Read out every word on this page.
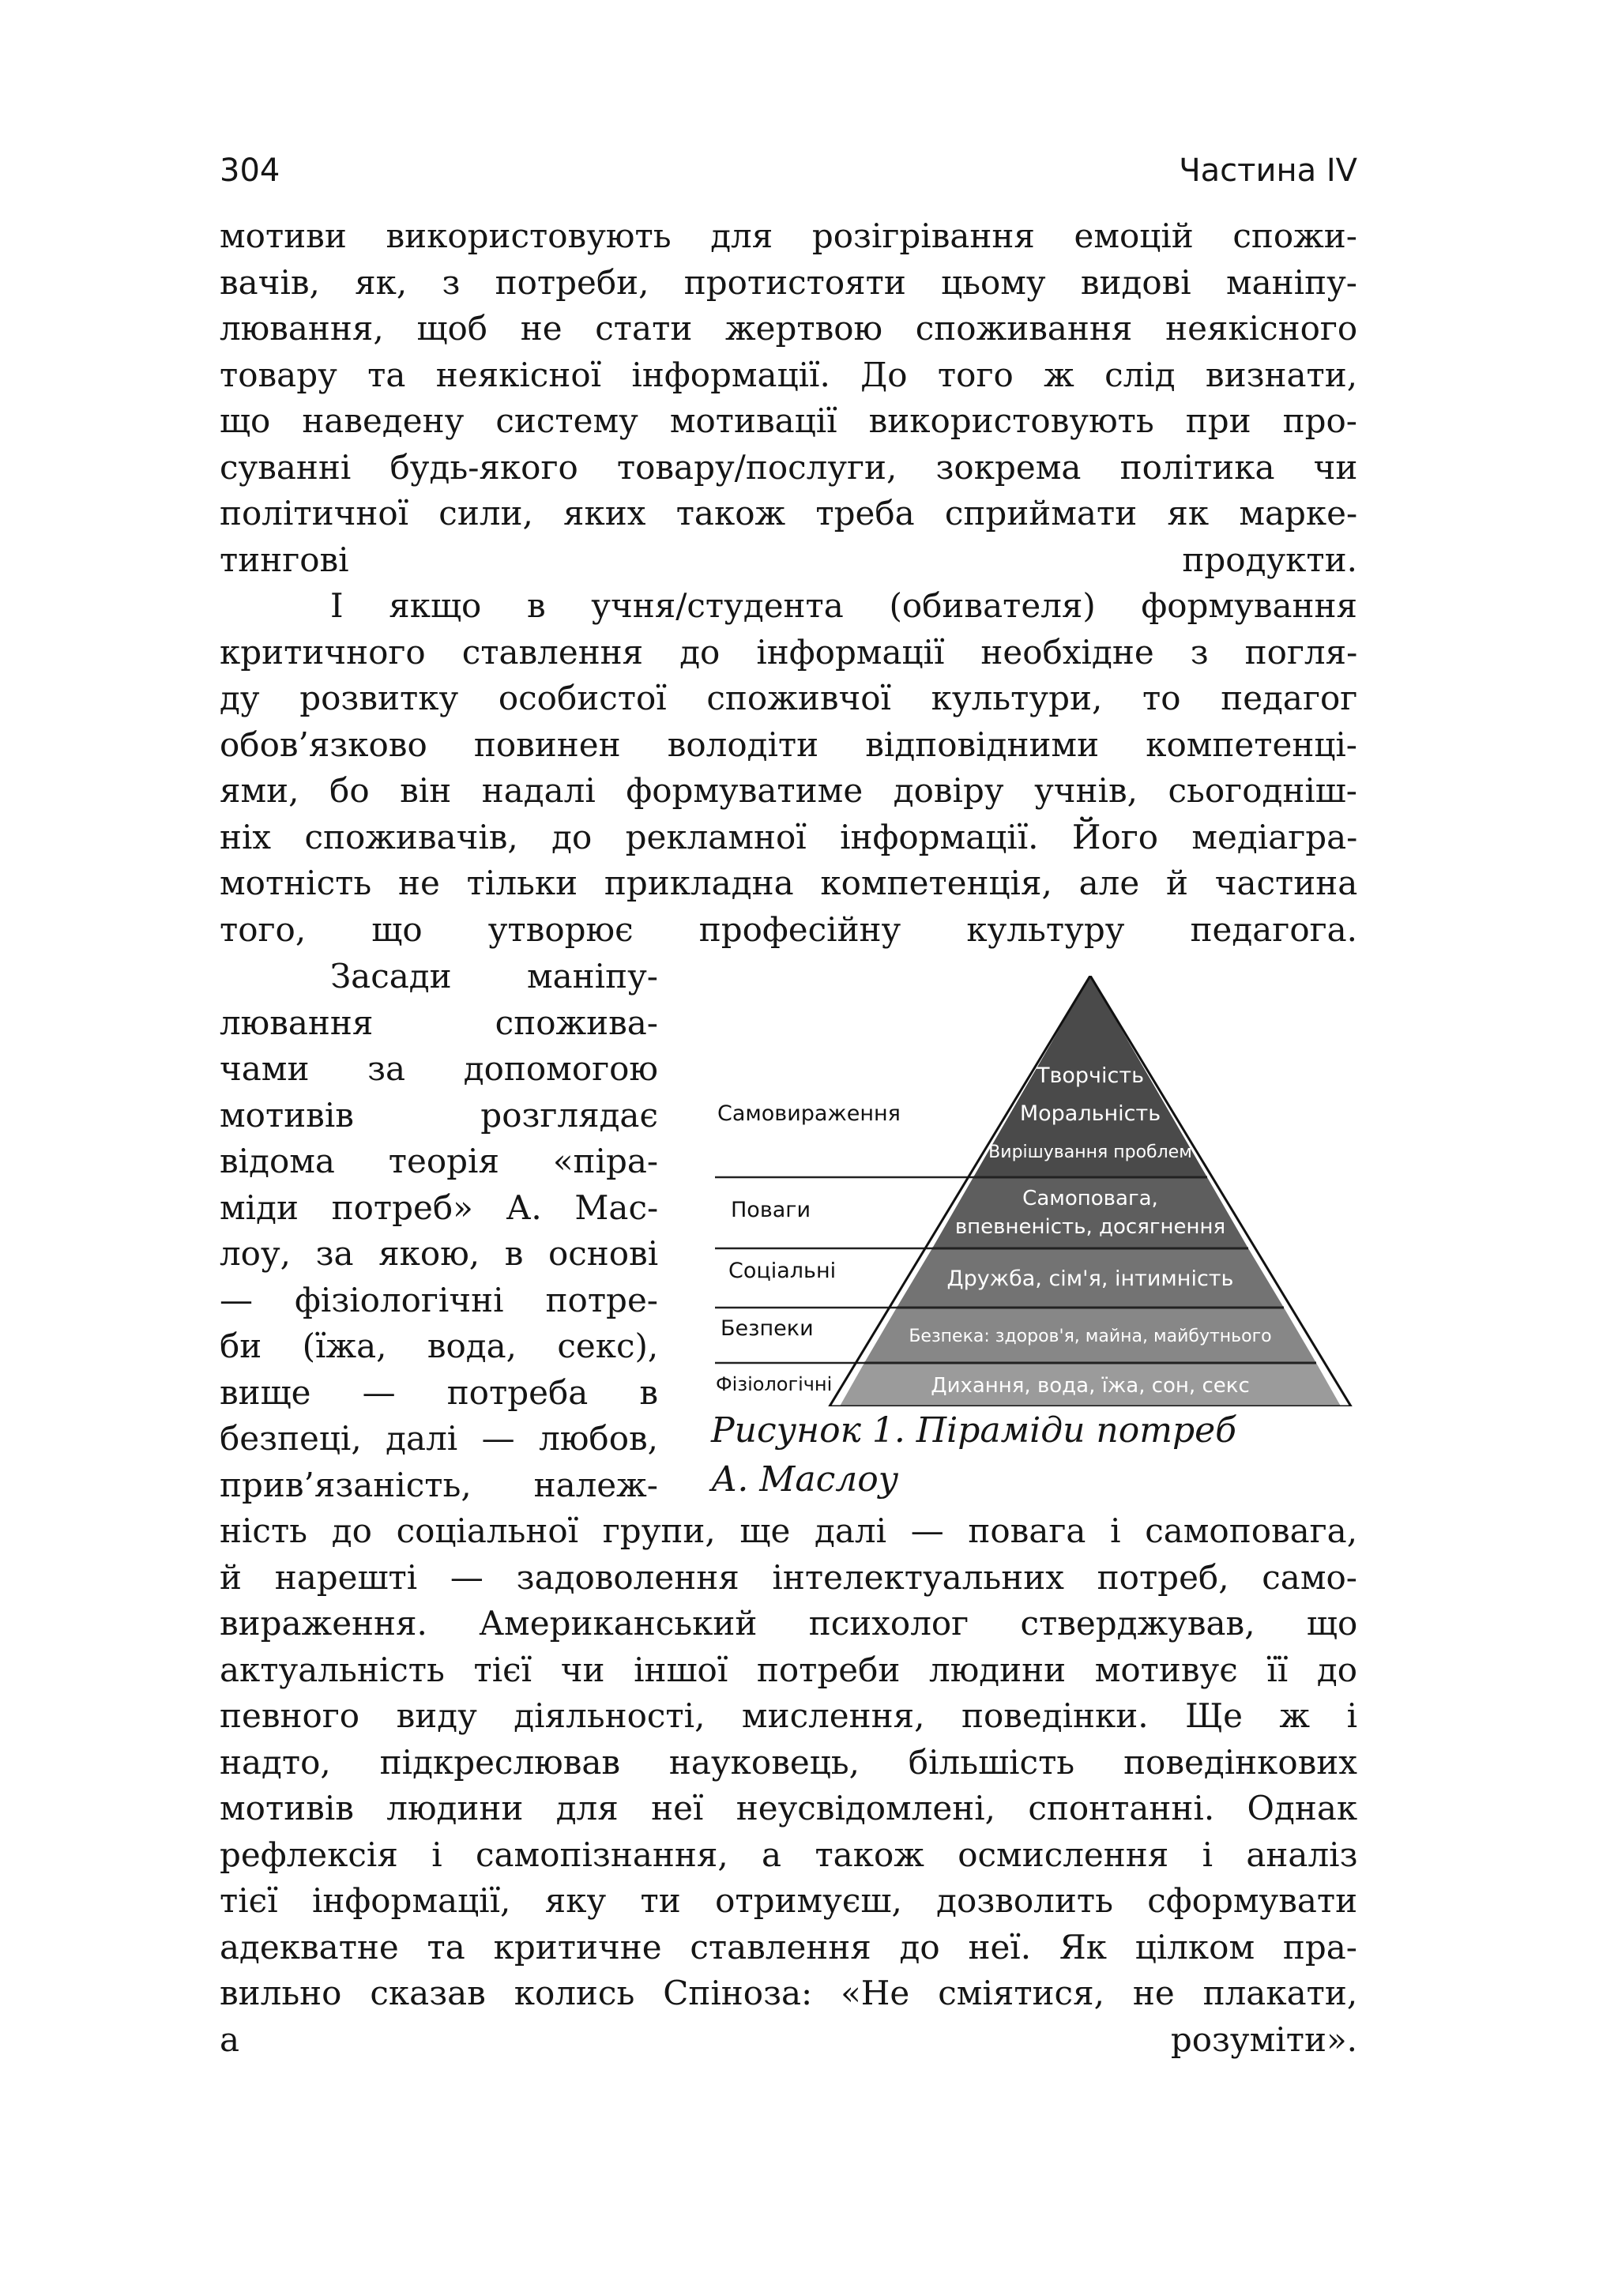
304	Частина IV
мотиви використовують для розігрівання емоцій спожи-
вачів, як, з потреби, протистояти цьому видові маніпу-
лювання, щоб не стати жертвою споживання неякісного
товару та неякісної інформації. До того ж слід визнати,
що наведену систему мотивації використовують при про-
суванні будь-якого товару/послуги, зокрема політика чи
політичної сили, яких також треба сприймати як марке-
тингові продукти.
І якщо в учня/студента (обивателя) формування
критичного ставлення до інформації необхідне з погля-
ду розвитку особистої споживчої культури, то педагог
обов’язково повинен володіти відповідними компетенці-
ями, бо він надалі формуватиме довіру учнів, сьогодніш-
ніх споживачів, до рекламної інформації. Його медіагра-
мотність не тільки прикладна компетенція, але й частина
того, що утворює професійну культуру педагога.
Засади маніпу-
лювання спожива-
чами за допомогою
мотивів розглядає
відома теорія «пірa-
міди потреб» А. Мас-
лоу, за якою, в основі
— фізіологічні потре-
би (їжа, вода, секс),
вище — потреба в
безпеці, далі — любов,
прив’язаність, належ-
Самовираження
Поваги
Соціальні
Безпеки
Фізіологічні
Творчість
Моральність
Вирішування проблем
Самоповага,
впевненість, досягнення
Дружба, сім'я, інтимність
Безпека: здоров'я, майна, майбутнього
Дихання, вода, їжа, сон, секс
Рисунок 1. Піраміди потреб
А. Маслоу
ність до соціальної групи, ще далі — повага і самоповага,
й нарешті — задоволення інтелектуальних потреб, само-
вираження. Американський психолог стверджував, що
актуальність тієї чи іншої потреби людини мотивує її до
певного виду діяльності, мислення, поведінки. Ще ж і
надто, підкреслював науковець, більшість поведінкових
мотивів людини для неї неусвідомлені, спонтанні. Однак
рефлексія і самопізнання, а також осмислення і аналіз
тієї інформації, яку ти отримуєш, дозволить сформувати
адекватне та критичне ставлення до неї. Як цілком пра-
вильно сказав колись Спіноза: «Не сміятися, не плакати,
а розуміти».
